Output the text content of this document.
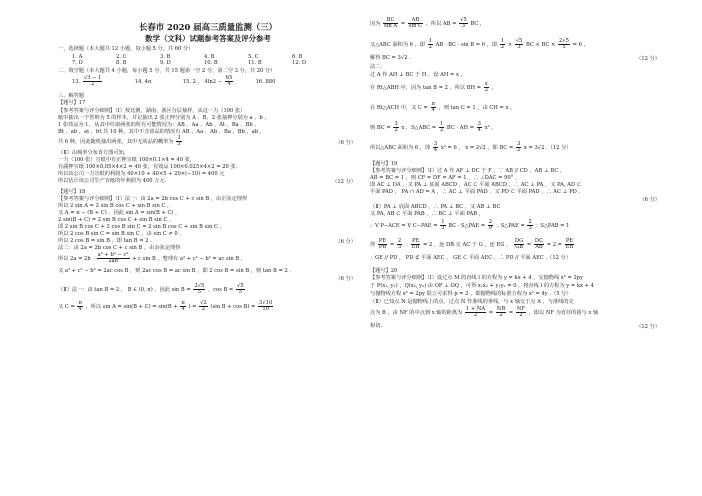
长春市 2020 届高三质量监测（三）
数学（文科）试题参考答案及评分参考
一、选择题（本大题共 12 小题，每小题 5 分，共 60 分）
1. A	2. C	3. B	4. B	5. C	6. B
7. D	8. B	9. D	10. B	11. B	12. D
二、填空题（本大题共 4 小题，每小题 5 分，共 15 题第一空 2 分，第二空 3 分，共 20 分）
13. $\frac{√3 - 1}{2}$	14. 4π	15. 2 ， $4\ln 2 - \frac{65}{4}$	16. 880
三、解答题
【题号】17
【参考答案与评分细则】（Ⅰ）按比例，湖南、浙区分层抽样，从这一力（100 张）
纸中抽出一个答辩为 5 的样本，并记抽出 2 张正押分别为 A 、B，2 张抽押分别为 a 、b ，
1 张效品为 t ，从其中任取两张的所有可能情况为：AB 、Aa 、Ab 、At 、Ba 、Bb 、
Bt 、ab 、at 、bt 共 10 种，其中不含效品的情况有 AB 、Aa 、Ab 、Ba 、Bb 、ab ，
共 6 种，因此随机抽出两张，其中无效品的概率为 $\frac{3}{5}$	（6 分）
（Ⅱ）由频率分布直方图可知，
一力（100 张）宣纸中有正押宣纸 100×0.1×4 = 40 张,
有副押宣纸 100×0.05×4×2 = 40 张，有效品 100×0.025×4×2 = 20 张.
所以该公司一力宣纸的利润为 40×10 + 40×5 + 20×(−10) = 400 元
所以估计该公司生产宣纸的年利润为 400 万元.	（12 分）
【题号】18
【参考答案与评分细则】（Ⅰ）法一：由 2a = 2b cos C + c sin B ，由正弦定理得
所以 2 sin A = 2 sin B cos C + sin B sin C ，
又 A = π − (B + C) ，因此 sin A = sin(B + C) ，
2 sin(B + C) = 2 sin B cos C + sin B sin C ，
即 2 sin B cos C + 2 cos B sin C = 2 sin B cos C + sin B sin C ，
所以 2 cos B sin C = sin B sin C ，由 sin C ≠ 0 ，
所以 2 cos B = sin B ，即 tan B = 2 .	（6 分）
法二：由 2a = 2b cos C + c sin B ，由余弦定理得
所以 $2a = 2b \cdot \frac{\text{a² + b² − c²}}{2ab} + c$ sin B ，整理有 a² + c² − b² = ac sin B ，
又 a² + c² − b² = 2ac cos B ，则 2ac cos B = ac sin B ，即 2 cos B = sin B ，则 tan B = 2 .
（6 分）
（Ⅱ）法一：由 tan B = 2 ， B ∈ (0, π) ，因此 $\sin B = \frac{2√5}{5}$ ，$\cos B = \frac{√5}{5}$
又 $C = \frac{\pi}{4}$ ，所以 $\sin A = \sin(B + C) = \sin(B + \frac{\pi}{4}$ ) = $\frac{√2}{2} (\sin$ $B + \cos B) = \frac{3√10}{10}$
因为 $\frac{BC}{\text{sin A}} = \frac{AB}{\text{sin C}}$ ，所以 AB = $\frac{√5}{3}$ BC ，
又△ABC 面积为 6 ，即 $\frac{1}{2}$ AB · BC · sin B = 6 ，即 $\frac{1}{2} \times \frac{√5}{3}$ BC × BC × $\frac{2√5}{5} = 6$ ，
解得 BC = 3√2 .	（12 分）
法二：
过 A 作 AH ⊥ BC 于 H ，设 AH = x ，
在 Rt△ABH 中，因为 tan B = 2 ，所以 BH = $\frac{x}{2}$ ，
在 Rt△ACH 中，又 $C = \frac{\pi}{4}$ ，则 tan C = 1 ，由 CH = x ，
则 BC = $\frac{3}{2}$ x ，S△ABC = $\frac{1}{2}$ BC · AH = $\frac{3}{4} x^2$ ，
所以△ABC 面积为 6 ，即 $\frac{3}{4} x^2 = 6$ ， x = 2√2 ，即 BC = $\frac{3}{2}$ x = 3√2 .（12 分）
【题号】19
【参考答案与评分细则】（Ⅰ）过 A 作 AF ⊥ DC 于 F ，∵ AB // CD ，AB ⊥ BC ，
AB = BC = 1 ，则 CF = DF = AF = 1 ，∴ ∠DAC = 90° ，
即 AC ⊥ DA ，又 PA ⊥ 底面 ABCD ，AC ⊂ 平面 ABCD ，∴ AC ⊥ PA ，又 PA, AD ⊂
平面 PAD ， PA ∩ AD = A ，∴ AC ⊥ 平面 PAD ，又 PD ⊂ 平面 PAD ，∴ AC ⊥ PD .
（6 分）
（Ⅱ）PA ⊥ 底面 ABCD ，∴ PA ⊥ BC ，又 AB ⊥ BC
又 PA, AB ⊂ 平面 PAB ，∴ BC ⊥ 平面 PAB ，
∴ V P−ACE = V $C-PAE = \frac{1}{3}$ BC · S△PAE = $\frac{2}{9}$ ∴ S△PAE = $\frac{2}{3}$ ∵ S△PAB = 1
得 $\frac{PE}{PB} = \frac{2}{3}$ ∴ $\frac{PE}{EB} = 2$ ，连 DB 交 AC 于 G ，连 EG ， $\frac{DG}{GB} = \frac{DC}{AB} = 2 = \frac{PE}{EB}$
∴ GE // PD ， PD ⊄ 平面 AEC ， GE ⊂ 平面 AEC ，∴ PD // 平面 AEC .（12 分）
【题号】20
【参考答案与评分细则】（Ⅰ）设过点 M 的直线 l 的方程为 y = kx + 4 ，交抛物线 x² = 2py
于 P(x₁, y₁) ，Q(x₂, y₂) 由 OP ⊥ OQ ，可得 x₁x₂ + y₁y₂ = 0 ，将直线 l 的方程为 y = kx + 4
与抛物线方程 x² = 2py 联立可求得 p = 2 ，即抛物线的标准方程为 x² = 4y .（5 分）
（Ⅱ）已知点 N 是抛物线上的点，过点 N 作准线的垂线，与 x 轴交于点 A ，与准线的交
点为 B ，由 NF 的中点到 x 轴的距离为 $\frac{1 + NA}{2} = \frac{NB}{2} = \frac{NF}{2}$ ，即以 NF 为直径的圆与 x 轴
相切.	（12 分）
